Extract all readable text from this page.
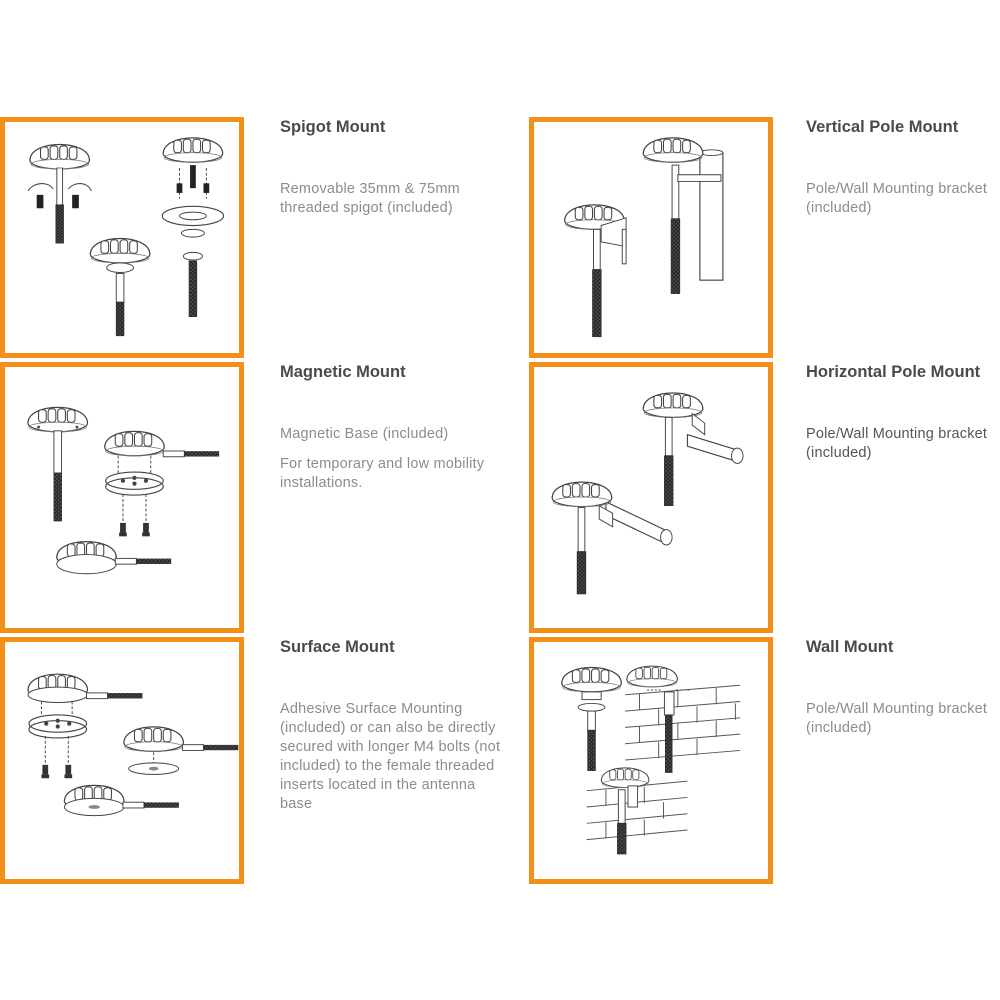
Spigot Mount

Removable 35mm & 75mm threaded spigot (included)

Vertical Pole Mount

Pole/Wall Mounting bracket (included)

Magnetic Mount

Magnetic Base (included)

For temporary and low mobility installations.

Horizontal Pole Mount

Pole/Wall Mounting bracket (included)

Surface Mount

Adhesive Surface Mounting (included) or can also be directly secured with longer M4 bolts (not included) to the female threaded inserts located in the antenna base

Wall Mount

Pole/Wall Mounting bracket (included)
